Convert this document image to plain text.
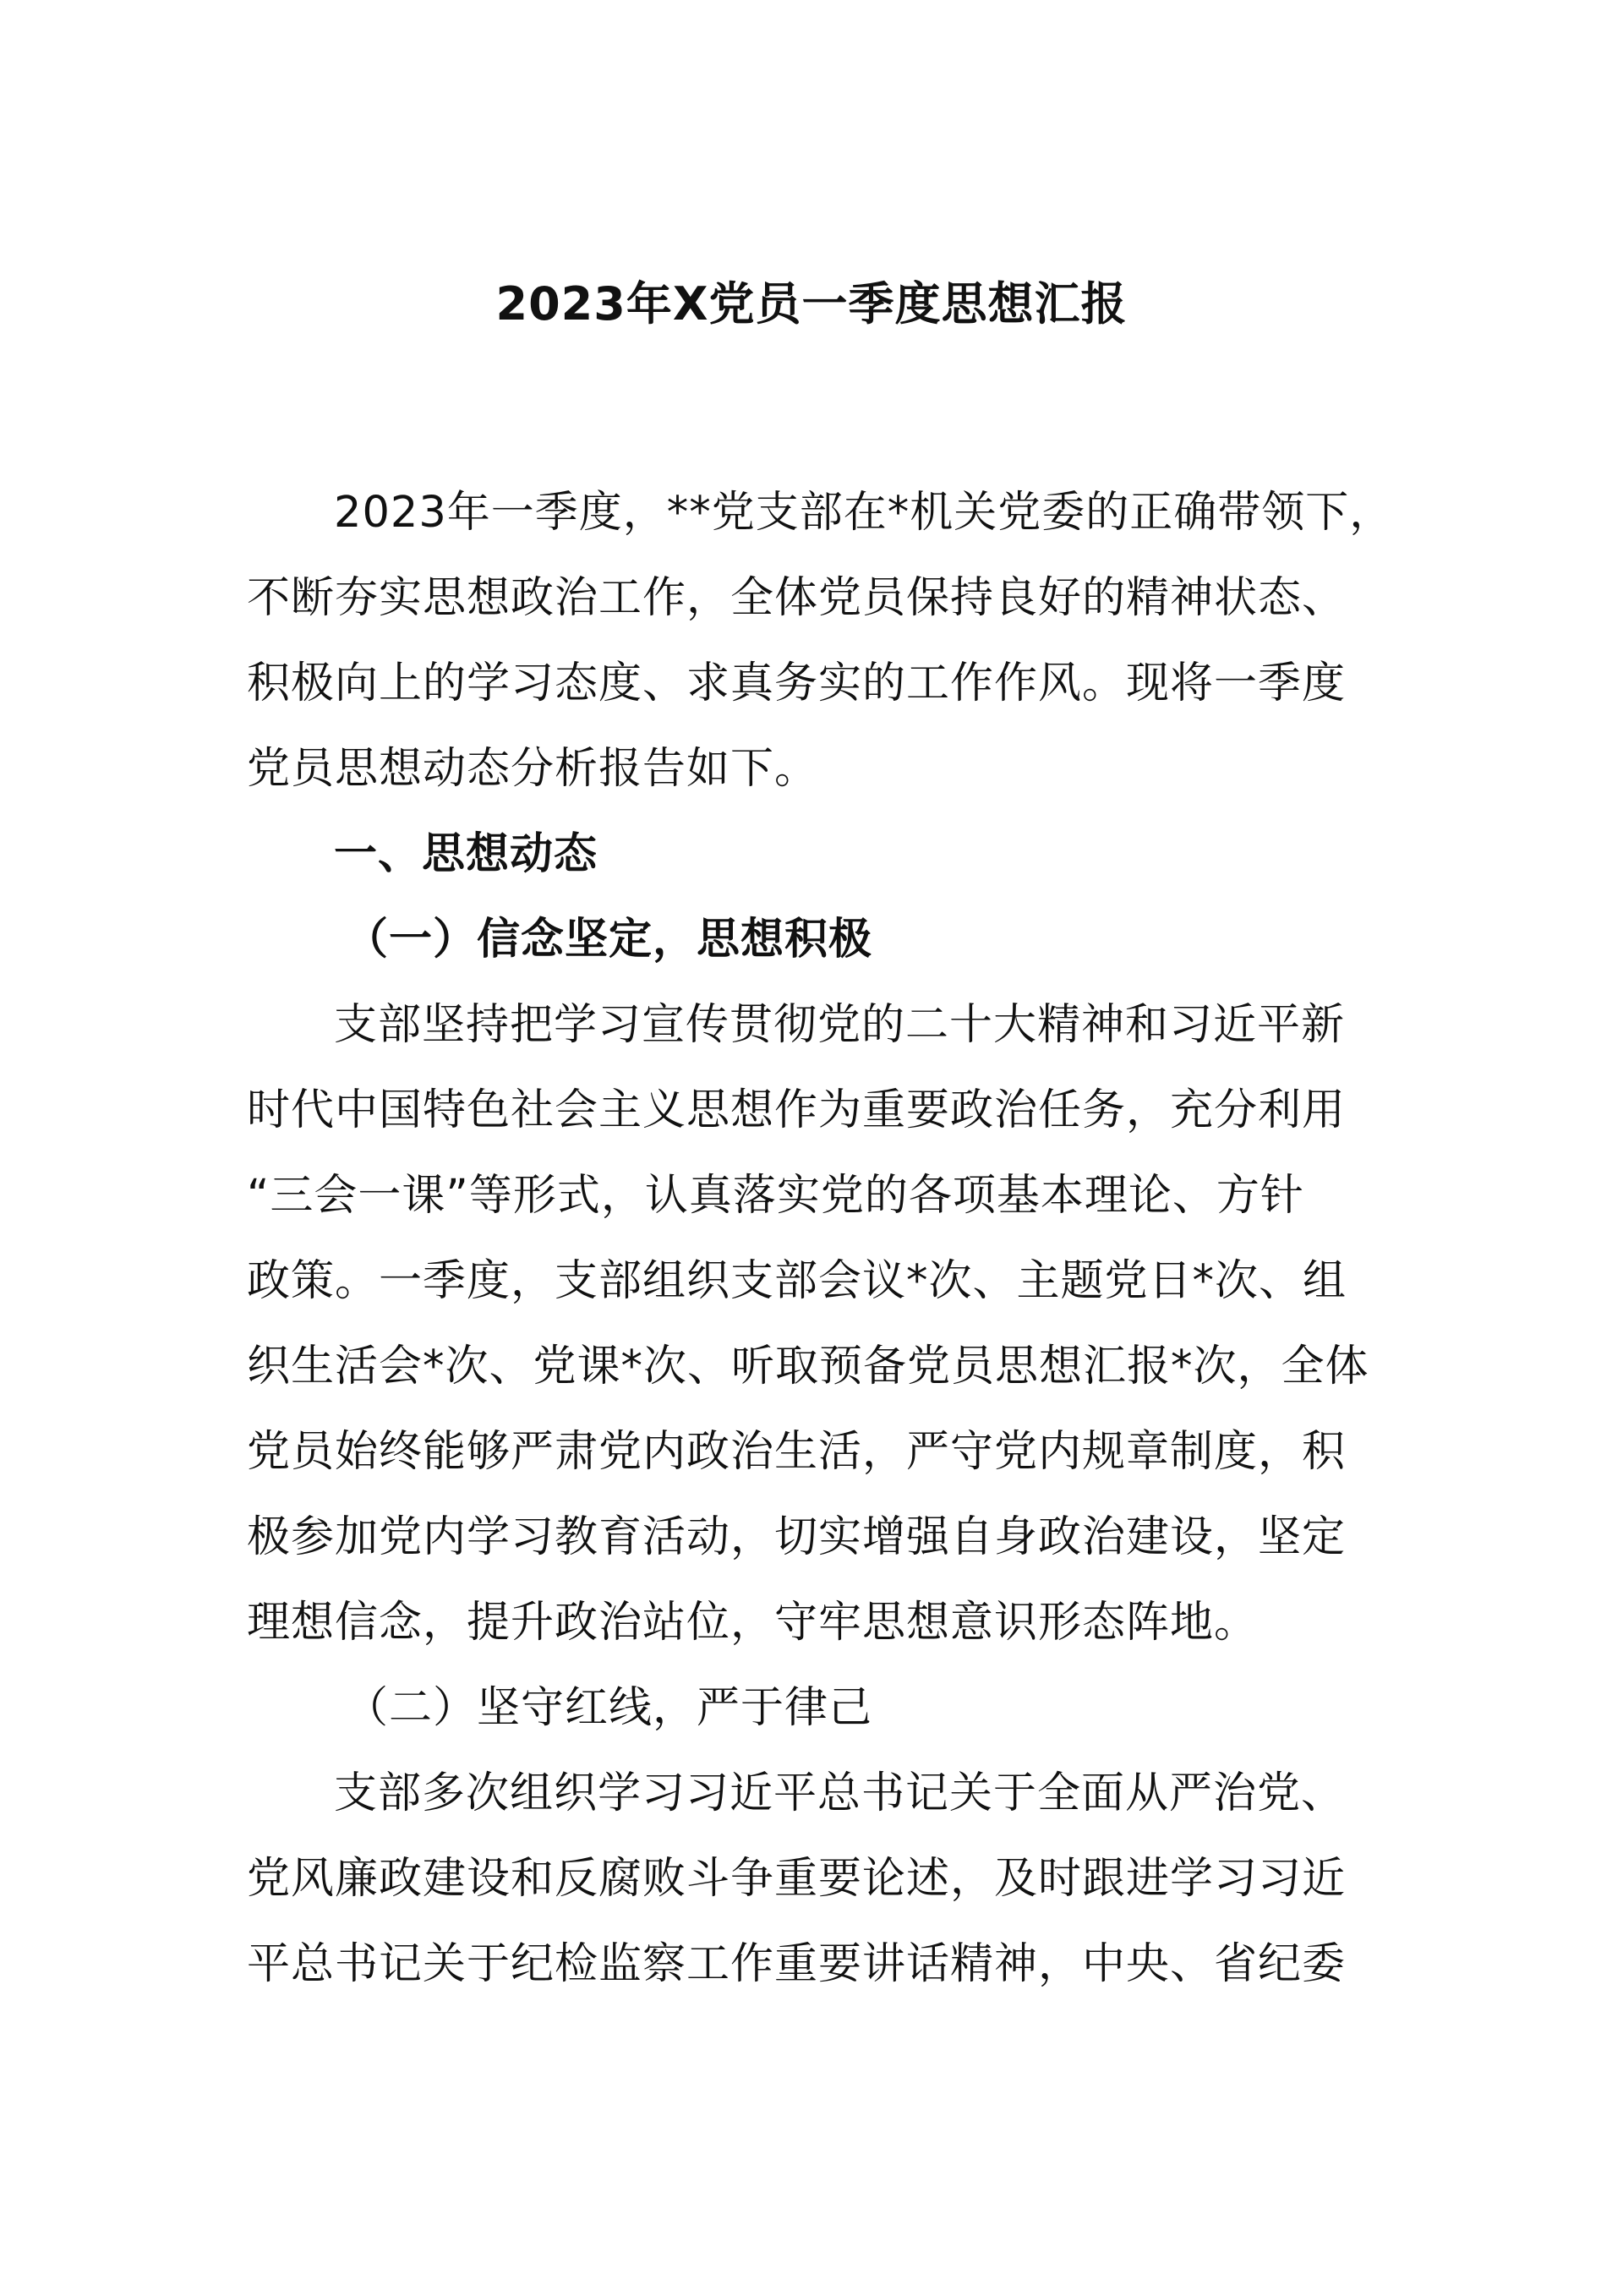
2023年X党员一季度思想汇报
2023年一季度，**党支部在*机关党委的正确带领下，
不断夯实思想政治工作，全体党员保持良好的精神状态、
积极向上的学习态度、求真务实的工作作风。现将一季度
党员思想动态分析报告如下。
一、思想动态
（一）信念坚定，思想积极
支部坚持把学习宣传贯彻党的二十大精神和习近平新
时代中国特色社会主义思想作为重要政治任务，充分利用
“三会一课”等形式，认真落实党的各项基本理论、方针
政策。一季度，支部组织支部会议*次、主题党日*次、组
织生活会*次、党课*次、听取预备党员思想汇报*次，全体
党员始终能够严肃党内政治生活，严守党内规章制度，积
极参加党内学习教育活动，切实增强自身政治建设，坚定
理想信念，提升政治站位，守牢思想意识形态阵地。
（二）坚守红线，严于律己
支部多次组织学习习近平总书记关于全面从严治党、
党风廉政建设和反腐败斗争重要论述，及时跟进学习习近
平总书记关于纪检监察工作重要讲话精神，中央、省纪委
